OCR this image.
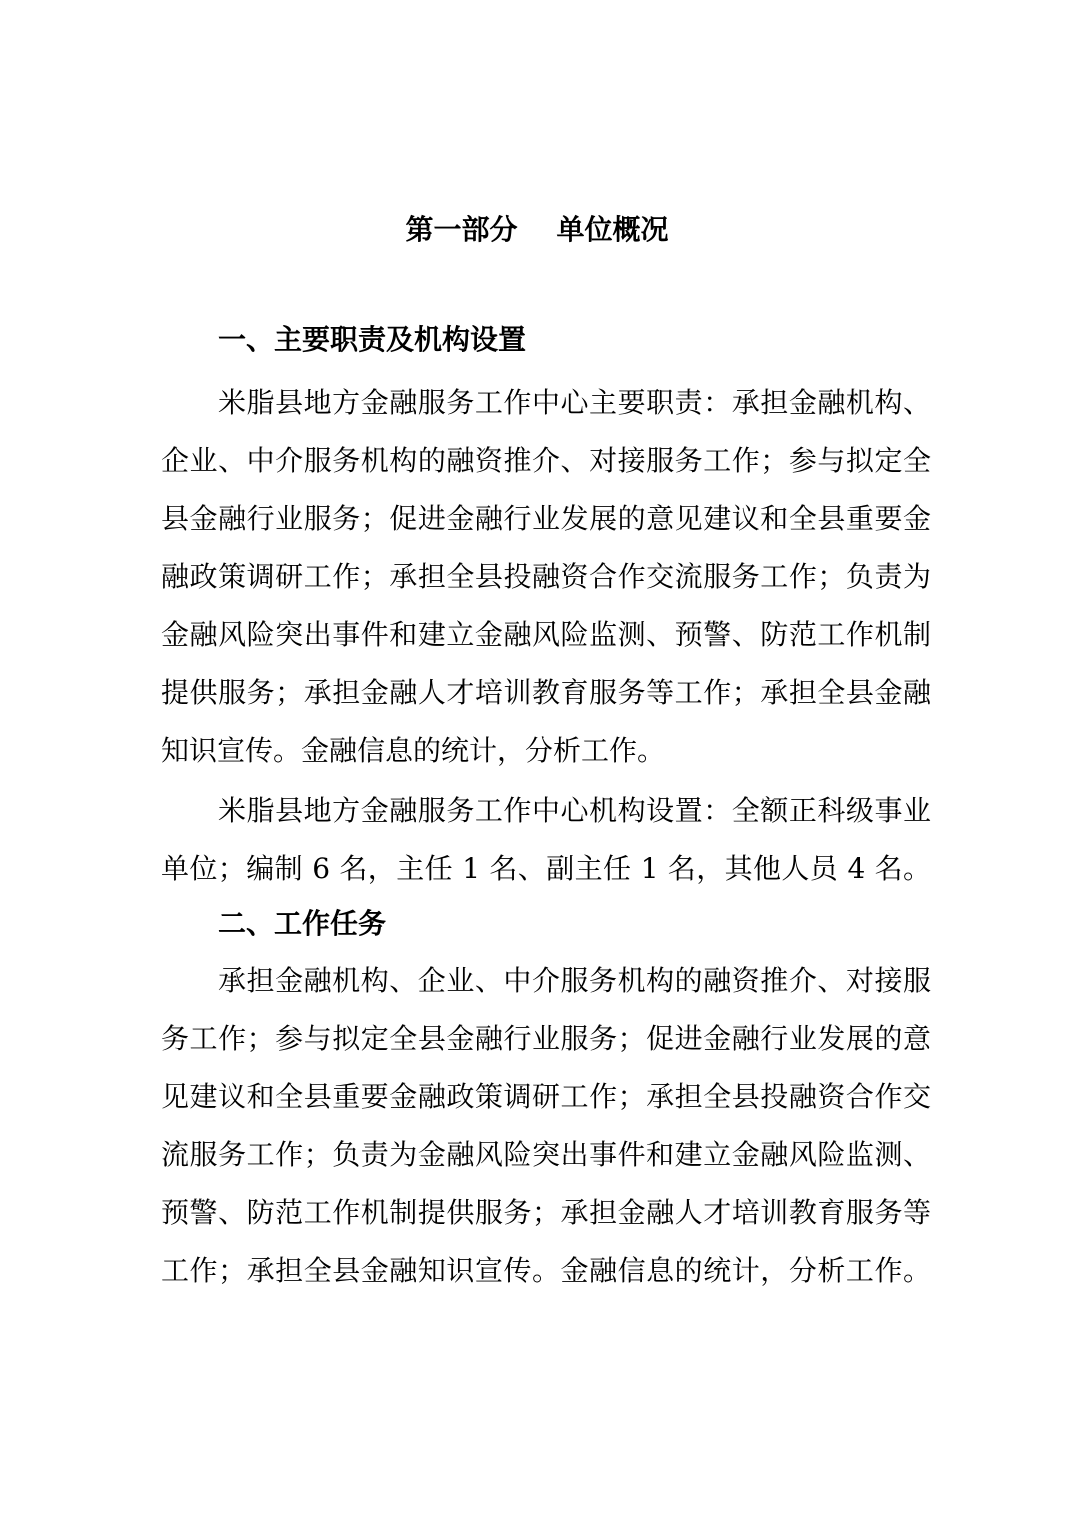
第一部分    单位概况
一、主要职责及机构设置
米脂县地方金融服务工作中心主要职责：承担金融机构、
企业、中介服务机构的融资推介、对接服务工作；参与拟定全
县金融行业服务；促进金融行业发展的意见建议和全县重要金
融政策调研工作；承担全县投融资合作交流服务工作；负责为
金融风险突出事件和建立金融风险监测、预警、防范工作机制
提供服务；承担金融人才培训教育服务等工作；承担全县金融
知识宣传。金融信息的统计，分析工作。
米脂县地方金融服务工作中心机构设置：全额正科级事业
单位；编制 6 名，主任 1 名、副主任 1 名，其他人员 4 名。
二、工作任务
承担金融机构、企业、中介服务机构的融资推介、对接服
务工作；参与拟定全县金融行业服务；促进金融行业发展的意
见建议和全县重要金融政策调研工作；承担全县投融资合作交
流服务工作；负责为金融风险突出事件和建立金融风险监测、
预警、防范工作机制提供服务；承担金融人才培训教育服务等
工作；承担全县金融知识宣传。金融信息的统计，分析工作。
